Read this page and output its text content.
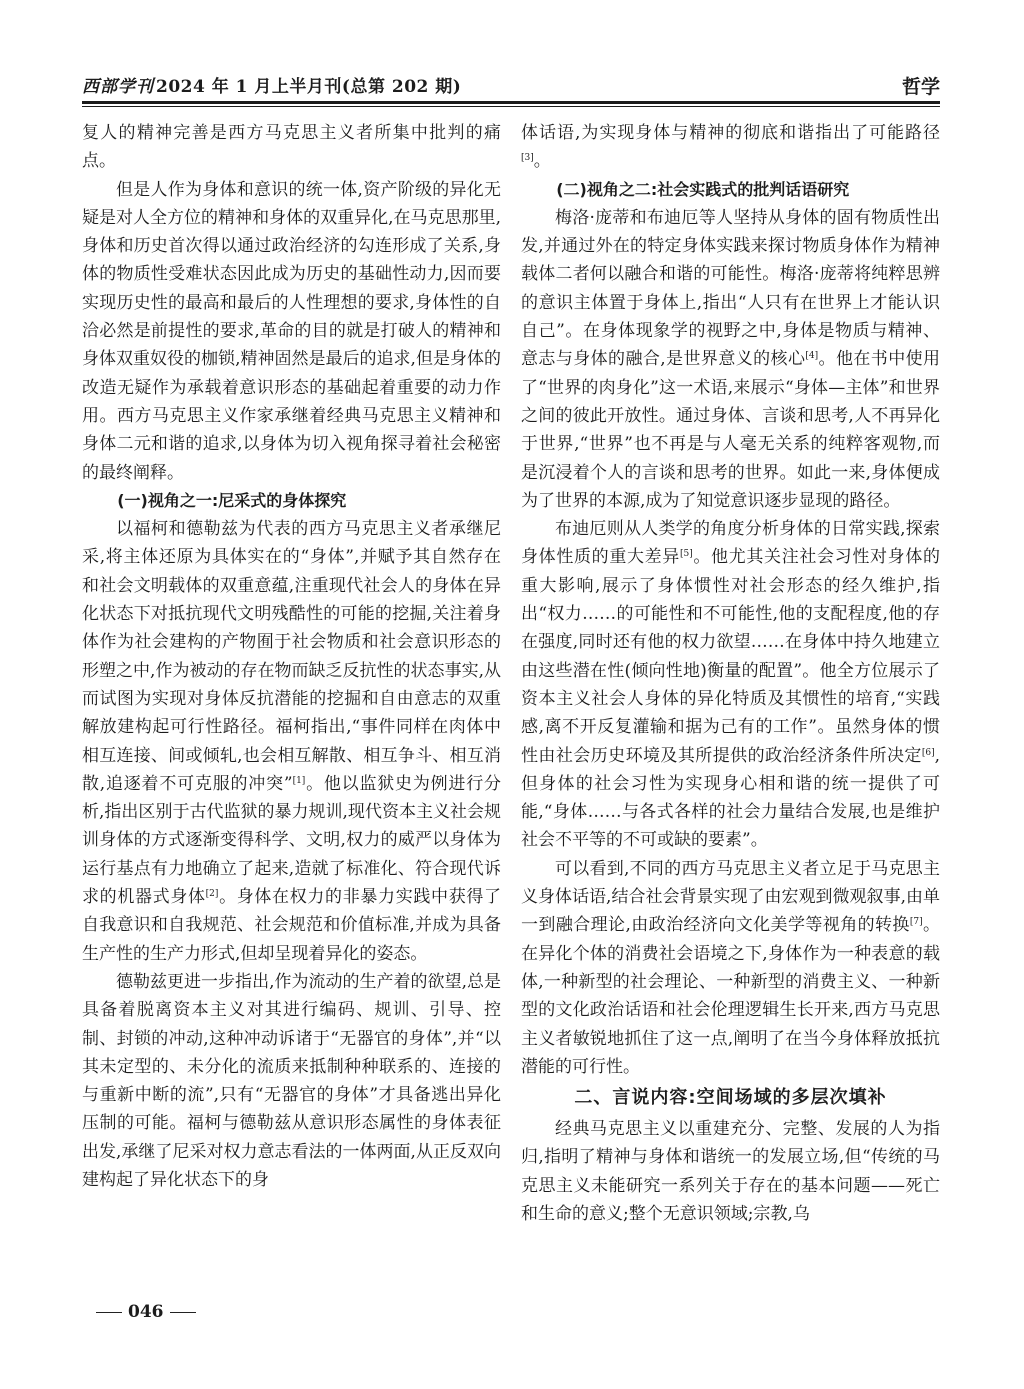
西部学刊 2024 年 1 月上半月刊(总第 202 期)	哲学

复人的精神完善是西方马克思主义者所集中批判的痛点。

但是人作为身体和意识的统一体,资产阶级的异化无疑是对人全方位的精神和身体的双重异化,在马克思那里,身体和历史首次得以通过政治经济的勾连形成了关系,身体的物质性受难状态因此成为历史的基础性动力,因而要实现历史性的最高和最后的人性理想的要求,身体性的自洽必然是前提性的要求,革命的目的就是打破人的精神和身体双重奴役的枷锁,精神固然是最后的追求,但是身体的改造无疑作为承载着意识形态的基础起着重要的动力作用。西方马克思主义作家承继着经典马克思主义精神和身体二元和谐的追求,以身体为切入视角探寻着社会秘密的最终阐释。

(一)视角之一:尼采式的身体探究

以福柯和德勒兹为代表的西方马克思主义者承继尼采,将主体还原为具体实在的“身体”,并赋予其自然存在和社会文明载体的双重意蕴,注重现代社会人的身体在异化状态下对抵抗现代文明残酷性的可能的挖掘,关注着身体作为社会建构的产物囿于社会物质和社会意识形态的形塑之中,作为被动的存在物而缺乏反抗性的状态事实,从而试图为实现对身体反抗潜能的挖掘和自由意志的双重解放建构起可行性路径。福柯指出,“事件同样在肉体中相互连接、间或倾轧,也会相互解散、相互争斗、相互消散,追逐着不可克服的冲突”[1]。他以监狱史为例进行分析,指出区别于古代监狱的暴力规训,现代资本主义社会规训身体的方式逐渐变得科学、文明,权力的威严以身体为运行基点有力地确立了起来,造就了标准化、符合现代诉求的机器式身体[2]。身体在权力的非暴力实践中获得了自我意识和自我规范、社会规范和价值标准,并成为具备生产性的生产力形式,但却呈现着异化的姿态。

德勒兹更进一步指出,作为流动的生产着的欲望,总是具备着脱离资本主义对其进行编码、规训、引导、控制、封锁的冲动,这种冲动诉诸于“无器官的身体”,并“以其未定型的、未分化的流质来抵制种种联系的、连接的与重新中断的流”,只有“无器官的身体”才具备逃出异化压制的可能。福柯与德勒兹从意识形态属性的身体表征出发,承继了尼采对权力意志看法的一体两面,从正反双向建构起了异化状态下的身

体话语,为实现身体与精神的彻底和谐指出了可能路径[3]。

(二)视角之二:社会实践式的批判话语研究

梅洛·庞蒂和布迪厄等人坚持从身体的固有物质性出发,并通过外在的特定身体实践来探讨物质身体作为精神载体二者何以融合和谐的可能性。梅洛·庞蒂将纯粹思辨的意识主体置于身体上,指出“人只有在世界上才能认识自己”。在身体现象学的视野之中,身体是物质与精神、意志与身体的融合,是世界意义的核心[4]。他在书中使用了“世界的肉身化”这一术语,来展示“身体—主体”和世界之间的彼此开放性。通过身体、言谈和思考,人不再异化于世界,“世界”也不再是与人毫无关系的纯粹客观物,而是沉浸着个人的言谈和思考的世界。如此一来,身体便成为了世界的本源,成为了知觉意识逐步显现的路径。

布迪厄则从人类学的角度分析身体的日常实践,探索身体性质的重大差异[5]。他尤其关注社会习性对身体的重大影响,展示了身体惯性对社会形态的经久维护,指出“权力……的可能性和不可能性,他的支配程度,他的存在强度,同时还有他的权力欲望……在身体中持久地建立由这些潜在性(倾向性地)衡量的配置”。他全方位展示了资本主义社会人身体的异化特质及其惯性的培育,“实践感,离不开反复灌输和据为己有的工作”。虽然身体的惯性由社会历史环境及其所提供的政治经济条件所决定[6],但身体的社会习性为实现身心相和谐的统一提供了可能,“身体……与各式各样的社会力量结合发展,也是维护社会不平等的不可或缺的要素”。

可以看到,不同的西方马克思主义者立足于马克思主义身体话语,结合社会背景实现了由宏观到微观叙事,由单一到融合理论,由政治经济向文化美学等视角的转换[7]。在异化个体的消费社会语境之下,身体作为一种表意的载体,一种新型的社会理论、一种新型的消费主义、一种新型的文化政治话语和社会伦理逻辑生长开来,西方马克思主义者敏锐地抓住了这一点,阐明了在当今身体释放抵抗潜能的可行性。

二、言说内容:空间场域的多层次填补

经典马克思主义以重建充分、完整、发展的人为指归,指明了精神与身体和谐统一的发展立场,但“传统的马克思主义未能研究一系列关于存在的基本问题——死亡和生命的意义;整个无意识领域;宗教,乌

046
